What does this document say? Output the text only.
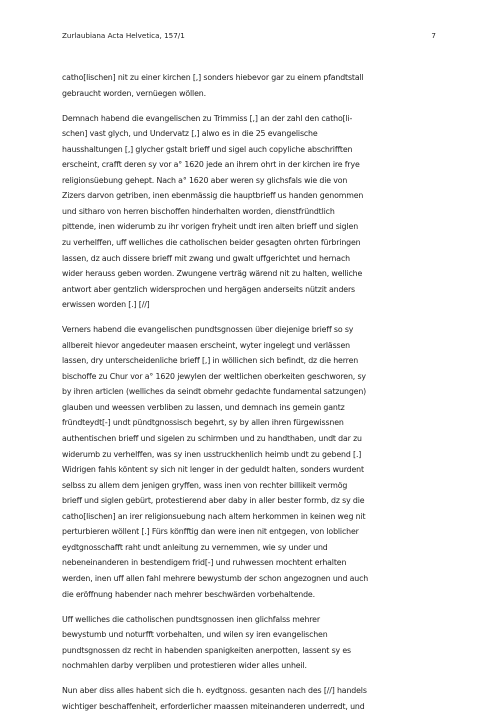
Zurlaubiana Acta Helvetica, 157/1	7

catho[lischen] nit zu einer kirchen [,] sonders hiebevor gar zu einem pfandtstall
gebraucht worden, vernüegen wöllen.

Demnach habend die evangelischen zu Trimmiss [,] an der zahl den catho[li-
schen] vast glych, und Undervatz [,] alwo es in die 25 evangelische
hausshaltungen [,] glycher gstalt brieff und sigel auch copyliche abschrifften
erscheint, crafft deren sy vor a° 1620 jede an ihrem ohrt in der kirchen ire frye
religionsüebung gehept. Nach a° 1620 aber weren sy glichsfals wie die von
Zizers darvon getriben, inen ebenmässig die hauptbrieff us handen genommen
und sitharo von herren bischoffen hinderhalten worden, dienstfründtlich
pittende, inen widerumb zu ihr vorigen fryheit undt iren alten brieff und siglen
zu verhelffen, uff welliches die catholischen beider gesagten ohrten fürbringen
lassen, dz auch dissere brieff mit zwang und gwalt uffgerichtet und hernach
wider herauss geben worden. Zwungene verträg wärend nit zu halten, welliche
antwort aber gentzlich widersprochen und hergägen anderseits nützit anders
erwissen worden [.] [//]

Verners habend die evangelischen pundtsgnossen über diejenige brieff so sy
allbereit hievor angedeuter maasen erscheint, wyter ingelegt und verlässen
lassen, dry unterscheidenliche brieff [,] in wöllichen sich befindt, dz die herren
bischoffe zu Chur vor a° 1620 jewylen der weltlichen oberkeiten geschworen, sy
by ihren articlen (welliches da seindt obmehr gedachte fundamental satzungen)
glauben und weessen verbliben zu lassen, und demnach ins gemein gantz
fründteydt[-] undt pündtgnossisch begehrt, sy by allen ihren fürgewissnen
authentischen brieff und sigelen zu schirmben und zu handthaben, undt dar zu
widerumb zu verhelffen, was sy inen usstruckhenlich heimb undt zu gebend [.]
Widrigen fahls köntent sy sich nit lenger in der geduldt halten, sonders wurdent
selbss zu allem dem jenigen gryffen, wass inen von rechter billikeit vermög
brieff und siglen gebürt, protestierend aber daby in aller bester formb, dz sy die
catho[lischen] an irer religionsuebung nach altem herkommen in keinen weg nit
perturbieren wöllent [.] Fürs könfftig dan were inen nit entgegen, von loblicher
eydtgnosschafft raht undt anleitung zu vernemmen, wie sy under und
nebeneinanderen in bestendigem frid[-] und ruhwessen mochtent erhalten
werden, inen uff allen fahl mehrere bewystumb der schon angezognen und auch
die eröffnung habender nach mehrer beschwärden vorbehaltende.

Uff welliches die catholischen pundtsgnossen inen glichfalss mehrer
bewystumb und noturfft vorbehalten, und wilen sy iren evangelischen
pundtsgnossen dz recht in habenden spanigkeiten anerpotten, lassent sy es
nochmahlen darby verpliben und protestieren wider alles unheil.

Nun aber diss alles habent sich die h. eydtgnoss. gesanten nach des [//] handels
wichtiger beschaffenheit, erforderlicher maassen miteinanderen underredt, und
